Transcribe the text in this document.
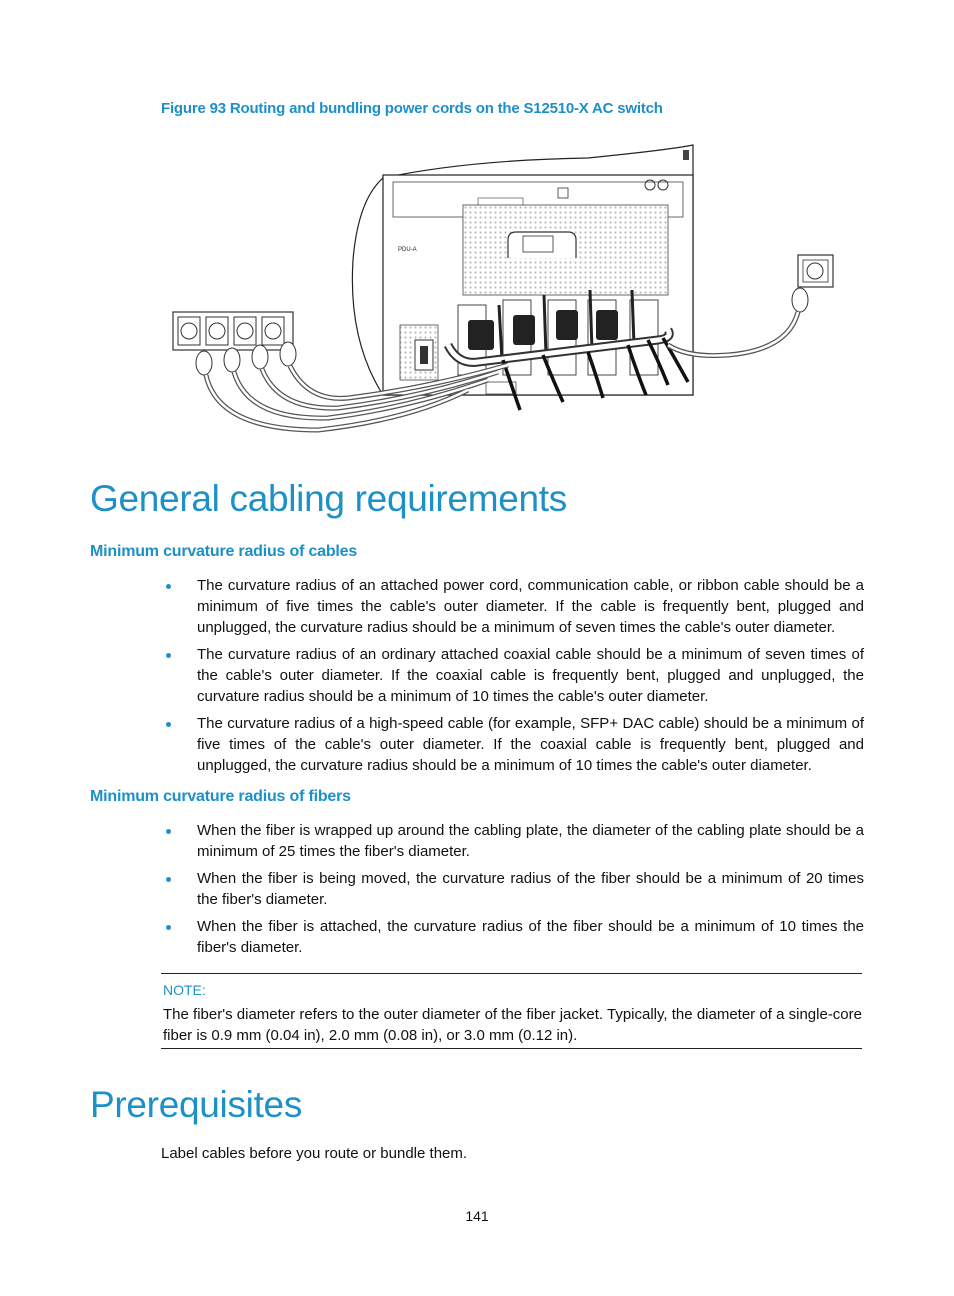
Figure 93 Routing and bundling power cords on the S12510-X AC switch
PDU-A
General cabling requirements
Minimum curvature radius of cables
The curvature radius of an attached power cord, communication cable, or ribbon cable should be a minimum of five times the cable's outer diameter. If the cable is frequently bent, plugged and unplugged, the curvature radius should be a minimum of seven times the cable's outer diameter.
The curvature radius of an ordinary attached coaxial cable should be a minimum of seven times of the cable's outer diameter. If the coaxial cable is frequently bent, plugged and unplugged, the curvature radius should be a minimum of 10 times the cable's outer diameter.
The curvature radius of a high-speed cable (for example, SFP+ DAC cable) should be a minimum of five times of the cable's outer diameter. If the coaxial cable is frequently bent, plugged and unplugged, the curvature radius should be a minimum of 10 times the cable's outer diameter.
Minimum curvature radius of fibers
When the fiber is wrapped up around the cabling plate, the diameter of the cabling plate should be a minimum of 25 times the fiber's diameter.
When the fiber is being moved, the curvature radius of the fiber should be a minimum of 20 times the fiber's diameter.
When the fiber is attached, the curvature radius of the fiber should be a minimum of 10 times the fiber's diameter.
NOTE:
The fiber's diameter refers to the outer diameter of the fiber jacket. Typically, the diameter of a single-core fiber is 0.9 mm (0.04 in), 2.0 mm (0.08 in), or 3.0 mm (0.12 in).
Prerequisites
Label cables before you route or bundle them.
141
